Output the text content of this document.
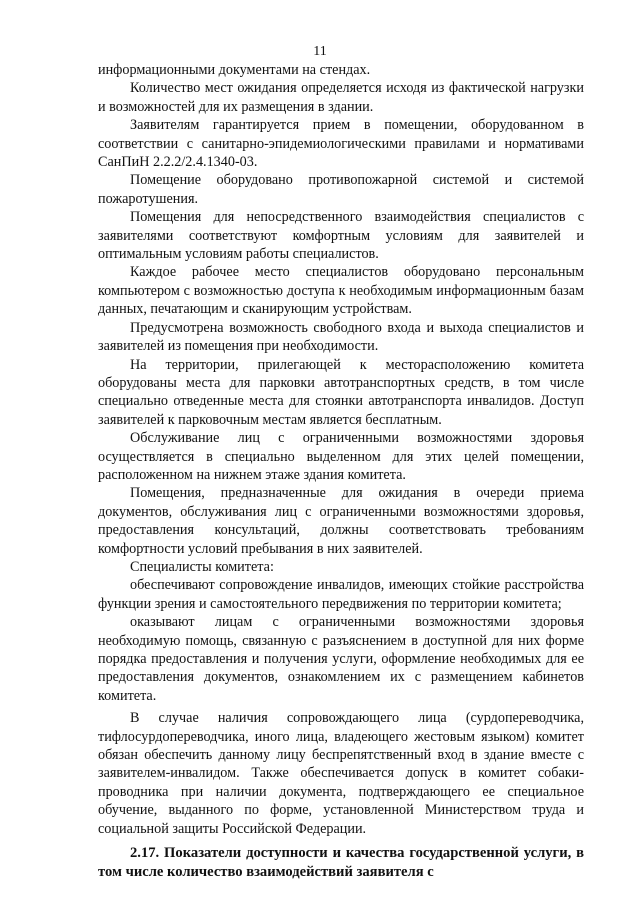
11

информационными документами на стендах.

Количество мест ожидания определяется исходя из фактической нагрузки и возможностей для их размещения в здании.

Заявителям гарантируется прием в помещении, оборудованном в соответствии с санитарно-эпидемиологическими правилами и нормативами СанПиН 2.2.2/2.4.1340-03.

Помещение оборудовано противопожарной системой и системой пожаротушения.

Помещения для непосредственного взаимодействия специалистов с заявителями соответствуют комфортным условиям для заявителей и оптимальным условиям работы специалистов.

Каждое рабочее место специалистов оборудовано персональным компьютером с возможностью доступа к необходимым информационным базам данных, печатающим и сканирующим устройствам.

Предусмотрена возможность свободного входа и выхода специалистов и заявителей из помещения при необходимости.

На территории, прилегающей к месторасположению комитета оборудованы места для парковки автотранспортных средств, в том числе специально отведенные места для стоянки автотранспорта инвалидов. Доступ заявителей к парковочным местам является бесплатным.

Обслуживание лиц с ограниченными возможностями здоровья осуществляется в специально выделенном для этих целей помещении, расположенном на нижнем этаже здания комитета.

Помещения, предназначенные для ожидания в очереди приема документов, обслуживания лиц с ограниченными возможностями здоровья, предоставления консультаций, должны соответствовать требованиям комфортности условий пребывания в них заявителей.

Специалисты комитета:

обеспечивают сопровождение инвалидов, имеющих стойкие расстройства функции зрения и самостоятельного передвижения по территории комитета;

оказывают лицам с ограниченными возможностями здоровья необходимую помощь, связанную с разъяснением в доступной для них форме порядка предоставления и получения услуги, оформление необходимых для ее предоставления документов, ознакомлением их с размещением кабинетов комитета.

В случае наличия сопровождающего лица (сурдопереводчика, тифлосурдопереводчика, иного лица, владеющего жестовым языком) комитет обязан обеспечить данному лицу беспрепятственный вход в здание вместе с заявителем-инвалидом. Также обеспечивается допуск в комитет собаки-проводника при наличии документа, подтверждающего ее специальное обучение, выданного по форме, установленной Министерством труда и социальной защиты Российской Федерации.

2.17. Показатели доступности и качества государственной услуги, в том числе количество взаимодействий заявителя с
